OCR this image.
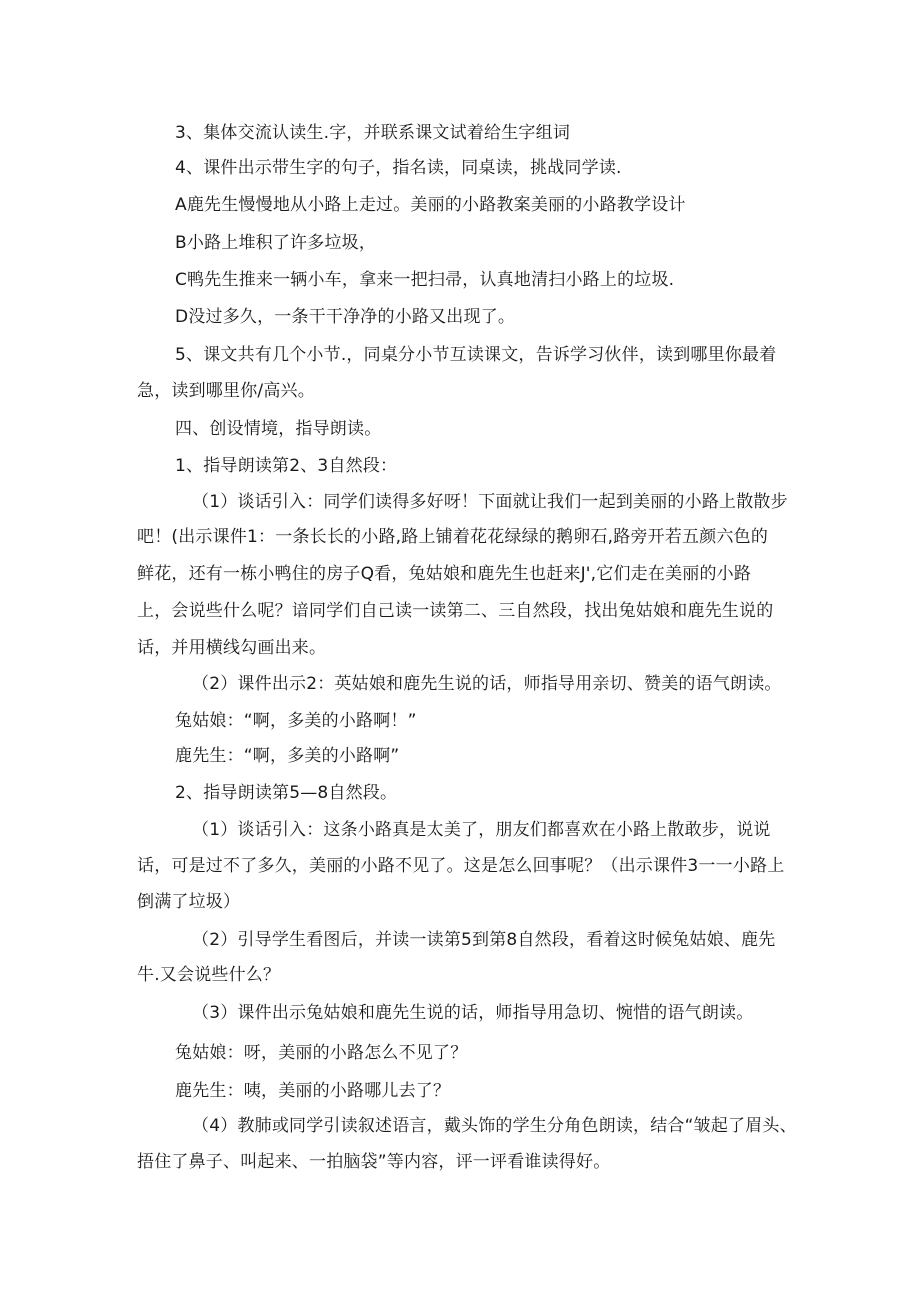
3、集体交流认读生.字，并联系课文试着给生字组词
4、课件出示带生字的句子，指名读，同桌读，挑战同学读.
A鹿先生慢慢地从小路上走过。美丽的小路教案美丽的小路教学设计
B小路上堆积了许多垃圾，
C鸭先生推来一辆小车，拿来一把扫帚，认真地清扫小路上的垃圾.
D没过多久，一条干干净净的小路又出现了。
5、课文共有几个小节.，同桌分小节互读课文，告诉学习伙伴，读到哪里你最着
急，读到哪里你/高兴。
四、创设情境，指导朗读。
1、指导朗读第2、3自然段：
（1）谈话引入：同学们读得多好呀！下面就让我们一起到美丽的小路上散散步
吧！(出示课件1：一条长长的小路,路上铺着花花绿绿的鹅卵石,路旁开若五颜六色的
鲜花，还有一栋小鸭住的房子Q看，兔姑娘和鹿先生也赶来J',它们走在美丽的小路
上，会说些什么呢？谙同学们自己读一读第二、三自然段，找出兔姑娘和鹿先生说的
话，并用横线勾画出来。
（2）课件出示2：英姑娘和鹿先生说的话，师指导用亲切、赞美的语气朗读。
兔姑娘：“啊，多美的小路啊！”
鹿先生：“啊，多美的小路啊”
2、指导朗读第5—8自然段。
（1）谈话引入：这条小路真是太美了，朋友们都喜欢在小路上散敢步，说说
话，可是过不了多久，美丽的小路不见了。这是怎么回事呢？（出示课件3一一小路上
倒满了垃圾）
（2）引导学生看图后，并读一读第5到第8自然段，看着这时候兔姑娘、鹿先
牛.又会说些什么？
（3）课件出示兔姑娘和鹿先生说的话，师指导用急切、惋惜的语气朗读。
兔姑娘：呀，美丽的小路怎么不见了？
鹿先生：咦，美丽的小路哪儿去了？
（4）教肺或同学引读叙述语言，戴头饰的学生分角色朗读，结合“皱起了眉头、
捂住了鼻子、叫起来、一拍脑袋”等内容，评一评看谁读得好。
